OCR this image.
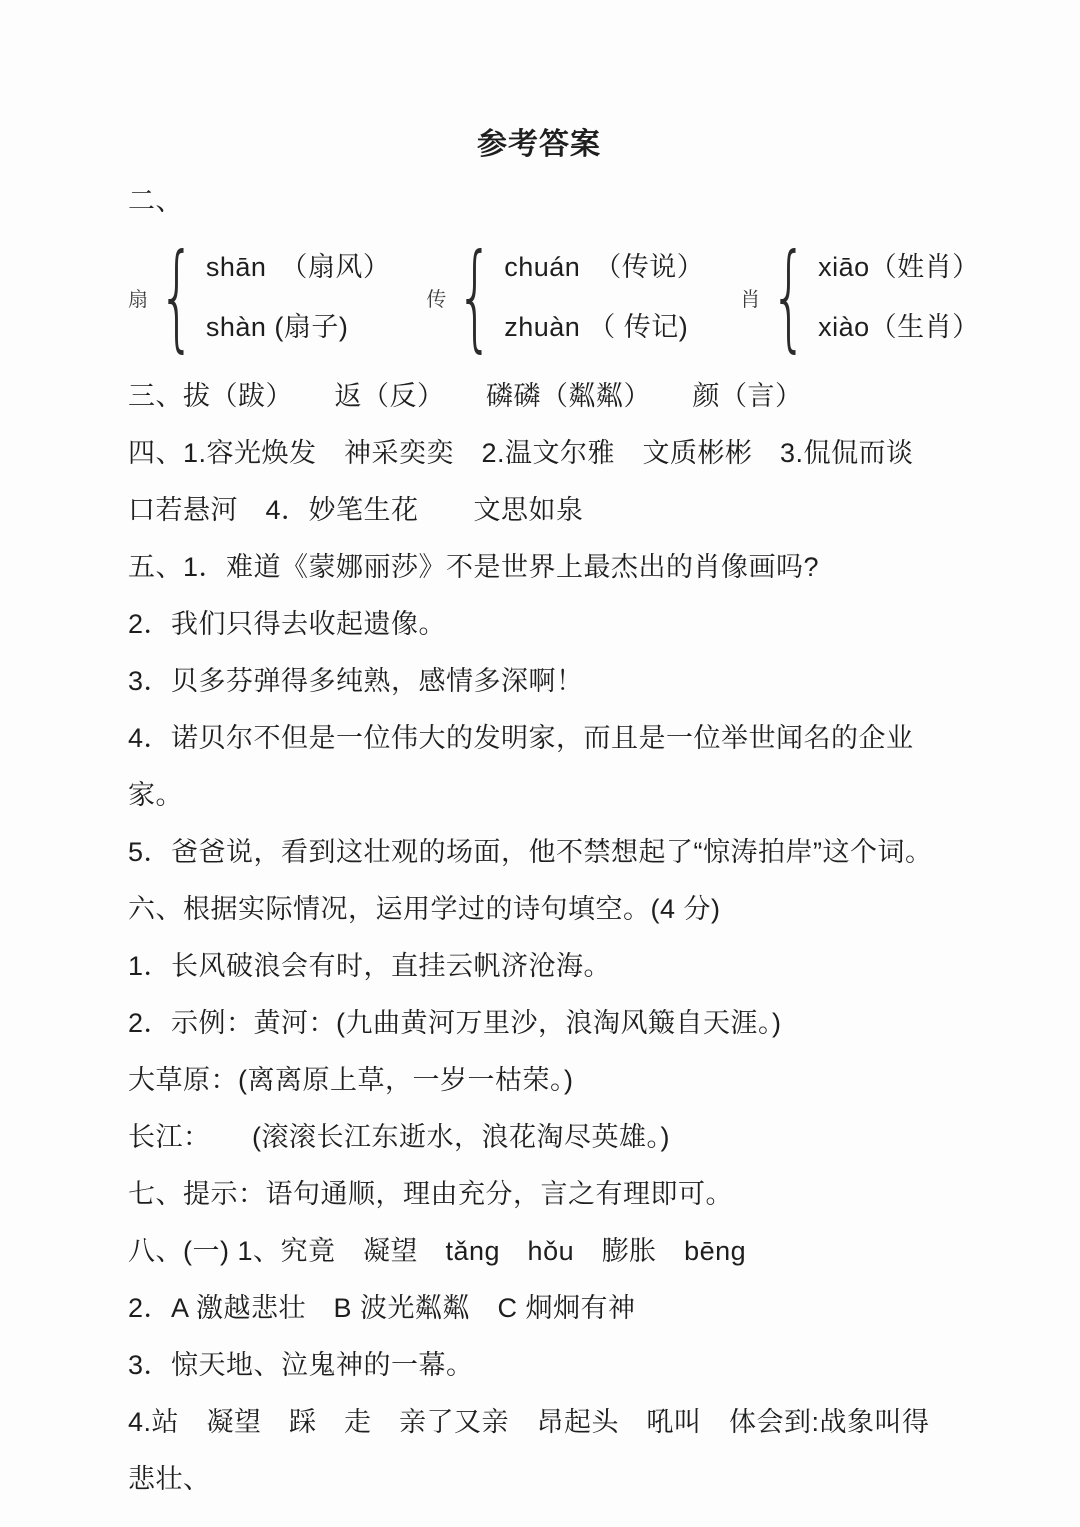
参考答案

二、

扇 { shān　（扇风）
shàn (扇子)
传 { chuán　（传说）
zhuàn （ 传记)
肖 { xiāo（姓肖）
xiào（生肖）

三、拔（跋）　　返（反）　　磷磷（粼粼）　　颜（言）

四、1.容光焕发　神采奕奕　2.温文尔雅　文质彬彬　3.侃侃而谈　　口若悬河　4．妙笔生花　　文思如泉

五、1．难道《蒙娜丽莎》不是世界上最杰出的肖像画吗?

2．我们只得去收起遗像。

3．贝多芬弹得多纯熟，感情多深啊！

4．诺贝尔不但是一位伟大的发明家，而且是一位举世闻名的企业家。

5．爸爸说，看到这壮观的场面，他不禁想起了“惊涛拍岸”这个词。

六、根据实际情况，运用学过的诗句填空。(4 分)

1．长风破浪会有时，直挂云帆济沧海。

2．示例：黄河：(九曲黄河万里沙，浪淘风簸自天涯。)

大草原：(离离原上草，一岁一枯荣。)

长江：　　(滚滚长江东逝水，浪花淘尽英雄。)

七、提示：语句通顺，理由充分，言之有理即可。

八、(一) 1、究竟　凝望　tǎng　hǒu　膨胀　bēng

2．A 激越悲壮　B 波光粼粼　C 炯炯有神

3．惊天地、泣鬼神的一幕。

4.站　凝望　踩　走　亲了又亲　昂起头　吼叫　体会到:战象叫得悲壮、
